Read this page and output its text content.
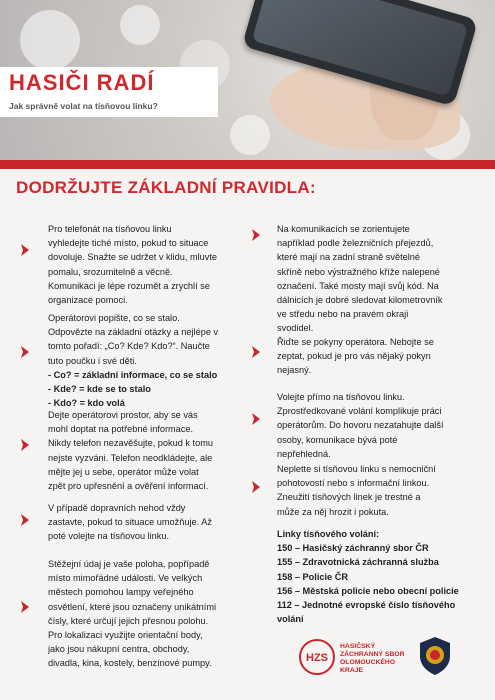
HASIČI RADÍ
Jak správně volat na tísňovou linku?
DODRŽUJTE ZÁKLADNÍ PRAVIDLA:
Pro telefonát na tísňovou linku
vyhledejte tiché místo, pokud to situace
dovoluje. Snažte se udržet v klidu, mluvte
pomalu, srozumitelně a věcně.
Komunikaci je lépe rozumět a zrychlí se
organizace pomoci.
Operátorovi popište, co se stalo.
Odpovězte na základní otázky a nejlépe v
tomto pořadí: „Co? Kde? Kdo?“. Naučte
tuto poučku i své děti.
- Co? = základní informace, co se stalo
- Kde? = kde se to stalo
- Kdo? = kdo volá
Dejte operátorovi prostor, aby se vás
mohl doptat na potřebné informace.
Nikdy telefon nezavěšujte, pokud k tomu
nejste vyzváni. Telefon neodkládejte, ale
mějte jej u sebe, operátor může volat
zpět pro upřesnění a ověření informací.
V případě dopravních nehod vždy
zastavte, pokud to situace umožňuje. Až
poté volejte na tísňovou linku.
Stěžejní údaj je vaše poloha, popřípadě
místo mimořádné události. Ve velkých
městech pomohou lampy veřejného
osvětlení, které jsou označeny unikátními
čísly, které určují jejich přesnou polohu.
Pro lokalizaci využijte orientační body,
jako jsou nákupní centra, obchody,
divadla, kina, kostely, benzínové pumpy.
Na komunikacích se zorientujete
například podle železničních přejezdů,
které mají na zadní straně světelné
skříně nebo výstražného kříže nalepené
označení. Také mosty mají svůj kód. Na
dálnicích je dobré sledovat kilometrovník
ve středu nebo na pravém okraji
svodidel.
Řiďte se pokyny operátora. Nebojte se
zeptat, pokud je pro vás nějaký pokyn
nejasný.
Volejte přímo na tísňovou linku.
Zprostředkované volání komplikuje práci
operátorům. Do hovoru nezatahujte další
osoby, komunikace bývá poté
nepřehledná.
Neplette si tísňovou linku s nemocniční
pohotovostí nebo s informační linkou.
Zneužití tísňových linek je trestné a
může za něj hrozit i pokuta.
Linky tísňového volání:
150 – Hasičský záchranný sbor ČR
155 – Zdravotnická záchranná služba
158 – Policie ČR
156 – Městská policie nebo obecní policie
112 – Jednotné evropské číslo tísňového
volání
HZS
HASIČSKÝ
ZÁCHRANNÝ SBOR
OLOMOUCKÉHO
KRAJE
